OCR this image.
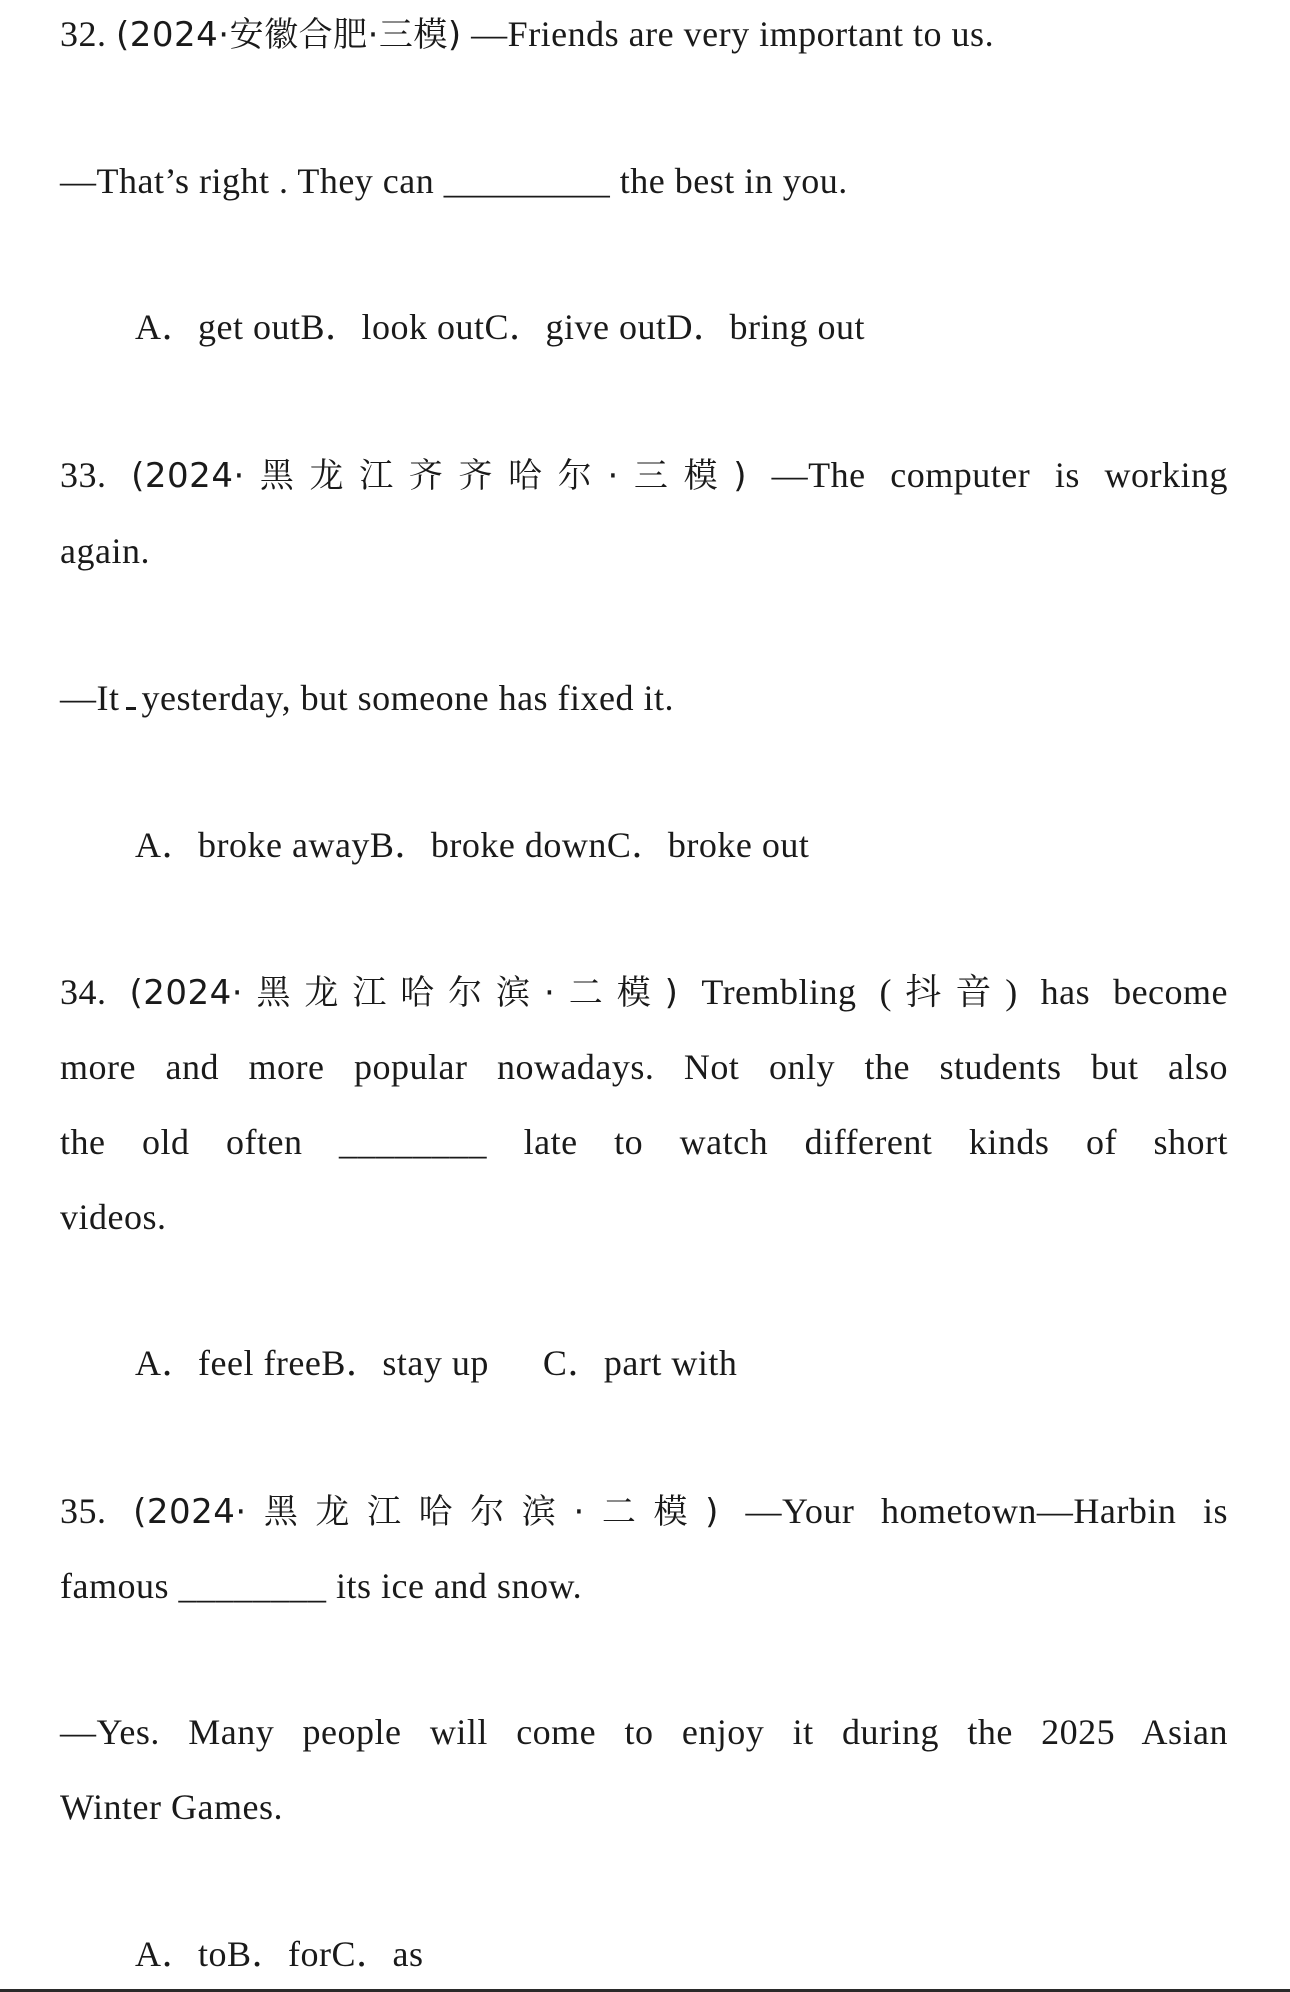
32. (2024·安徽合肥·三模) —Friends are very important to us.
—That’s right . They can _________ the best in you.
A．get outB．look outC．give outD．bring out
33. (2024·黑龙江齐齐哈尔·三模) —The computer is working
again.
—It yesterday, but someone has fixed it.
A．broke awayB．broke downC．broke out
34. (2024·黑龙江哈尔滨·二模) Trembling (抖音) has become
more and more popular nowadays. Not only the students but also
the old often ________ late to watch different kinds of short
videos.
A．feel freeB．stay up C．part with
35. (2024·黑龙江哈尔滨·二模) —Your hometown—Harbin is
famous ________ its ice and snow.
—Yes. Many people will come to enjoy it during the 2025 Asian
Winter Games.
A．toB．forC．as
